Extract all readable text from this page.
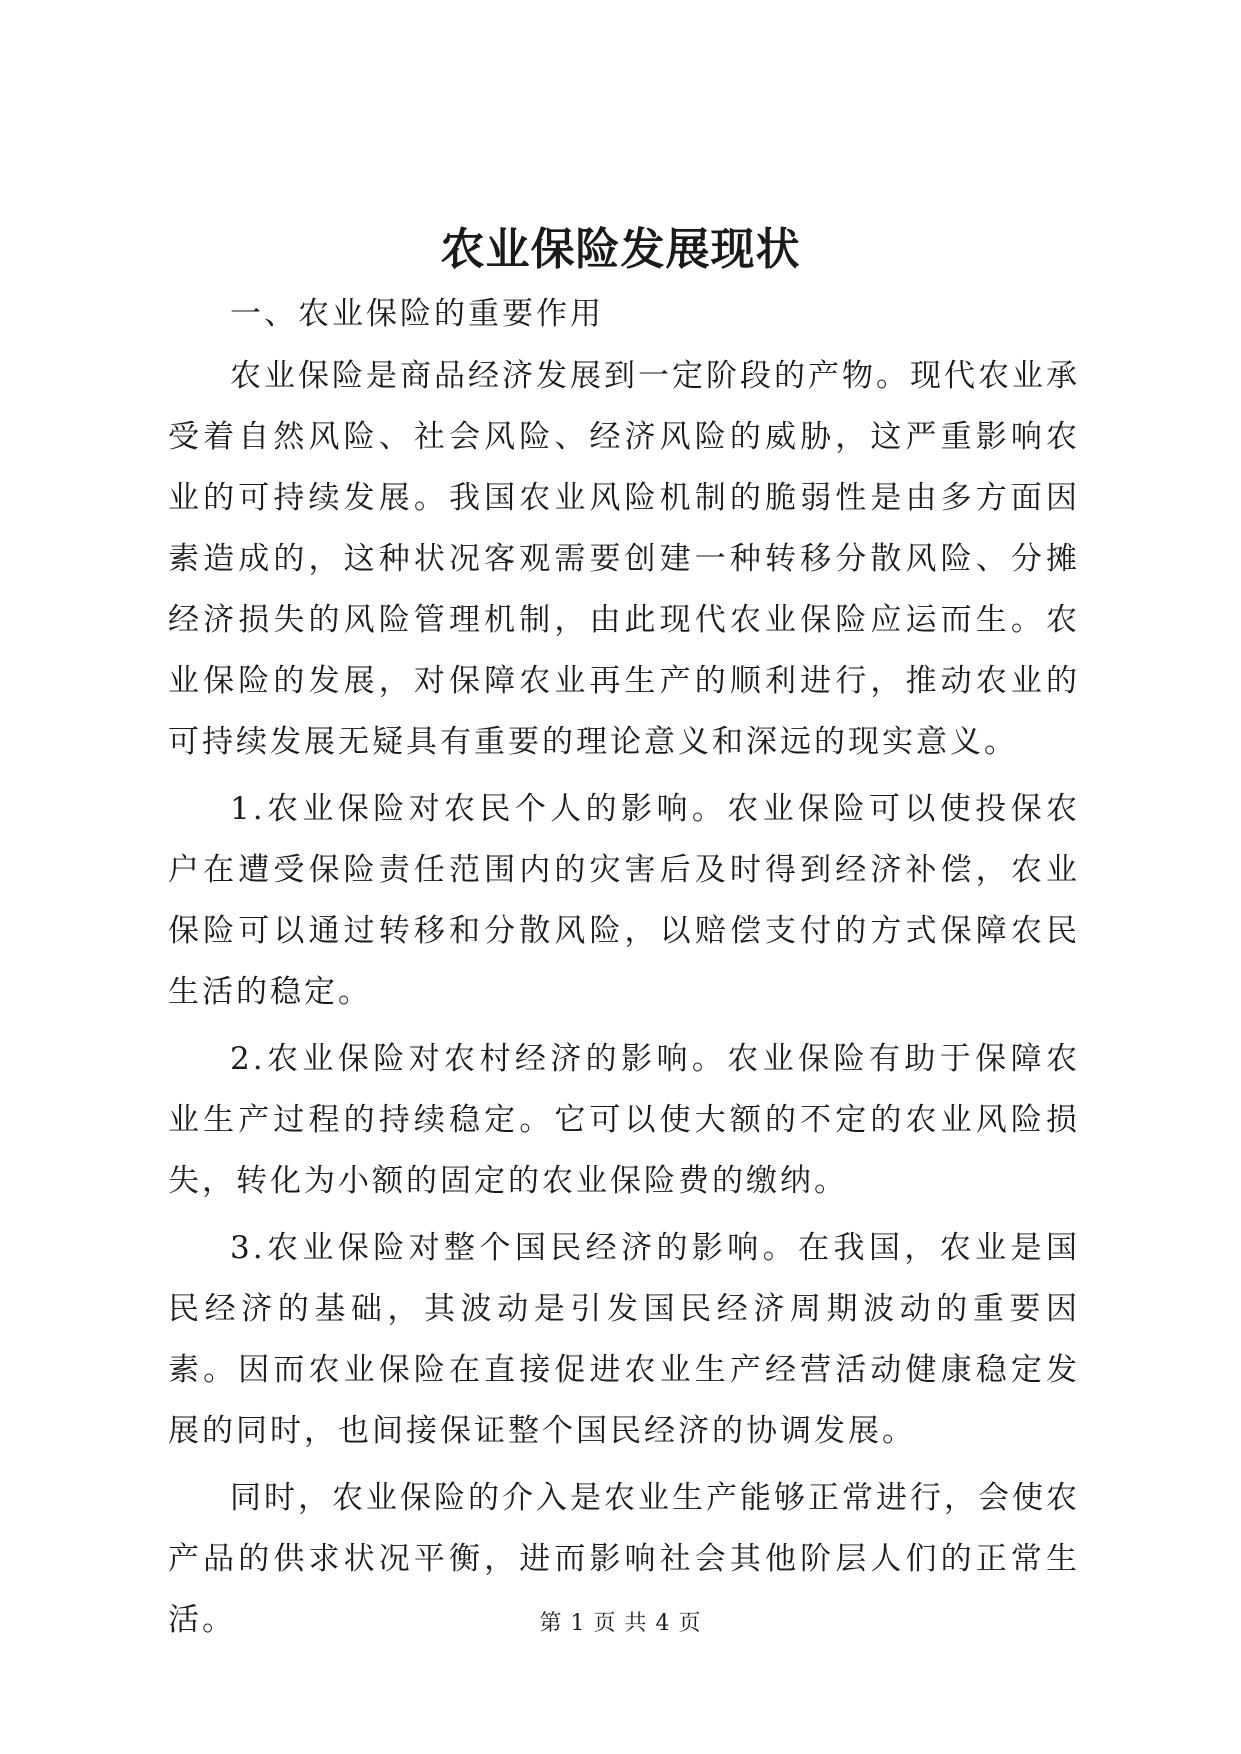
农业保险发展现状

一、农业保险的重要作用

农业保险是商品经济发展到一定阶段的产物。现代农业承受着自然风险、社会风险、经济风险的威胁，这严重影响农业的可持续发展。我国农业风险机制的脆弱性是由多方面因素造成的，这种状况客观需要创建一种转移分散风险、分摊经济损失的风险管理机制，由此现代农业保险应运而生。农业保险的发展，对保障农业再生产的顺利进行，推动农业的可持续发展无疑具有重要的理论意义和深远的现实意义。

1.农业保险对农民个人的影响。农业保险可以使投保农户在遭受保险责任范围内的灾害后及时得到经济补偿，农业保险可以通过转移和分散风险，以赔偿支付的方式保障农民生活的稳定。

2.农业保险对农村经济的影响。农业保险有助于保障农业生产过程的持续稳定。它可以使大额的不定的农业风险损失，转化为小额的固定的农业保险费的缴纳。

3.农业保险对整个国民经济的影响。在我国，农业是国民经济的基础，其波动是引发国民经济周期波动的重要因素。因而农业保险在直接促进农业生产经营活动健康稳定发展的同时，也间接保证整个国民经济的协调发展。

同时，农业保险的介入是农业生产能够正常进行，会使农产品的供求状况平衡，进而影响社会其他阶层人们的正常生活。	第 1 页 共 4 页
